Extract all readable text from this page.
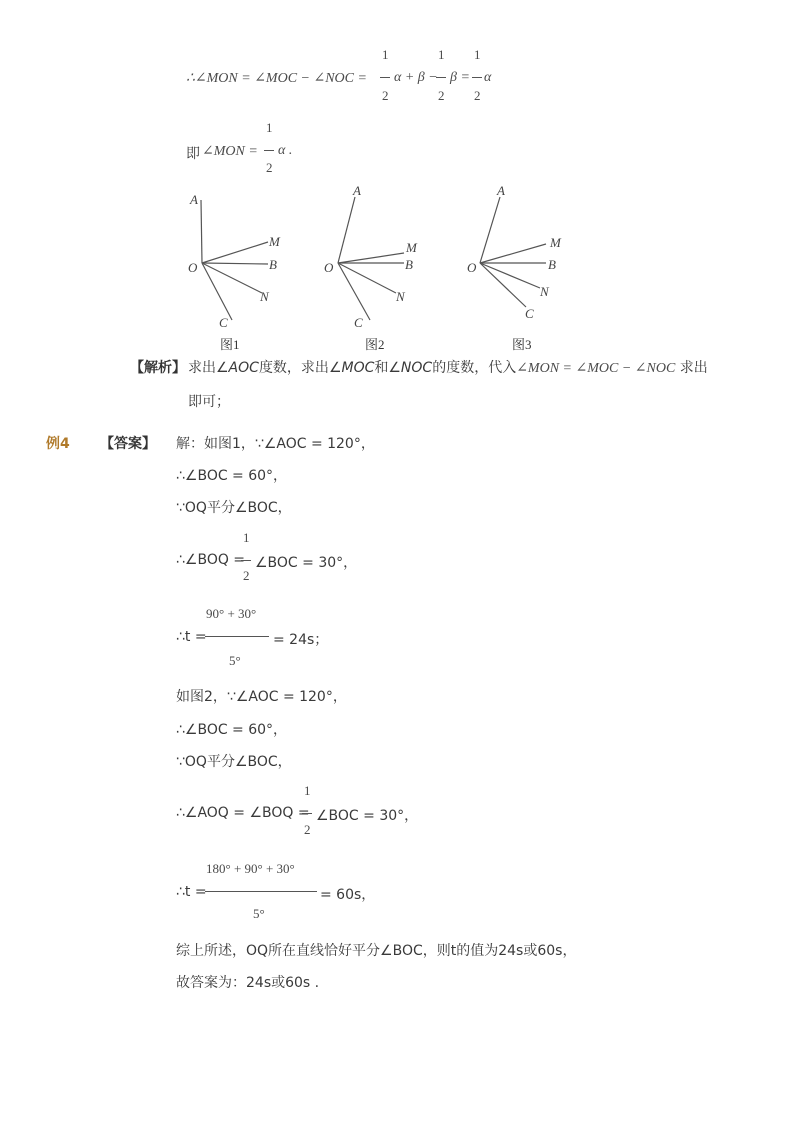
∴∠MON = ∠MOC − ∠NOC =
1
2
α + β −
1
2
β =
1
2
α
即 ∠MON =
1
2
α .
A
O
M
B
N
C
图1
A
O
M
B
N
C
图2
A
O
M
B
N
C
图3
【解析】 求出∠AOC度数，求出∠MOC和∠NOC的度数，代入∠MON = ∠MOC − ∠NOC 求出
即可；
例4 【答案】 解：如图1，∵∠AOC = 120°，
∴∠BOC = 60°，
∵OQ平分∠BOC，
∴∠BOQ =
1
2
∠BOC = 30°，
∴t =
90° + 30°
5°
= 24s；
如图2，∵∠AOC = 120°，
∴∠BOC = 60°，
∵OQ平分∠BOC，
∴∠AOQ = ∠BOQ =
1
2
∠BOC = 30°，
∴t =
180° + 90° + 30°
5°
= 60s，
综上所述，OQ所在直线恰好平分∠BOC，则t的值为24s或60s，
故答案为：24s或60s .
